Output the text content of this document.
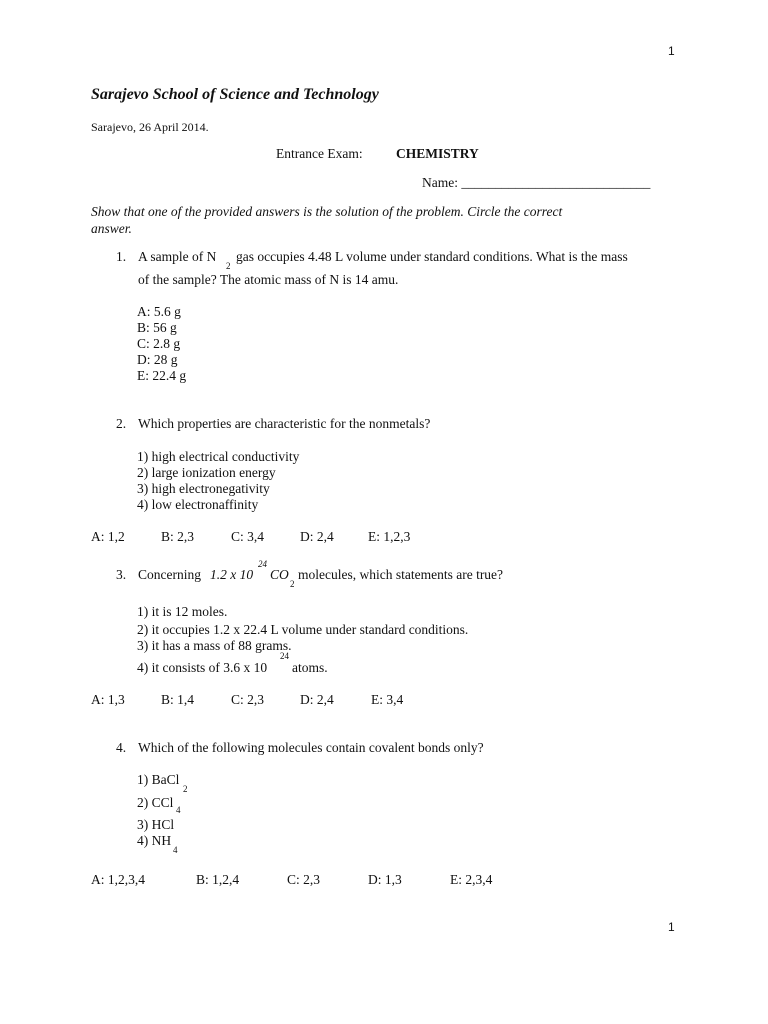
1
Sarajevo School of Science and Technology
Sarajevo, 26 April 2014.
Entrance Exam: CHEMISTRY
Name: ____________________________
Show that one of the provided answers is the solution of the problem. Circle the correct
answer.
1. A sample of N
2
gas occupies 4.48 L volume under standard conditions. What is the mass
of the sample? The atomic mass of N is 14 amu.
A: 5.6 g
B: 56 g
C: 2.8 g
D: 28 g
E: 22.4 g
2. Which properties are characteristic for the nonmetals?
1) high electrical conductivity
2) large ionization energy
3) high electronegativity
4) low electronaffinity
A: 1,2	B: 2,3	C: 3,4	D: 2,4	E: 1,2,3
3. Concerning 1.2 x 10
24
CO
2
molecules, which statements are true?
1) it is 12 moles.
2) it occupies 1.2 x 22.4 L volume under standard conditions.
3) it has a mass of 88 grams.
4) it consists of 3.6 x 10
24
atoms.
A: 1,3	B: 1,4	C: 2,3	D: 2,4	E: 3,4
4. Which of the following molecules contain covalent bonds only?
1) BaCl
2
2) CCl 4
3) HCl
4) NH
4
A: 1,2,3,4	B: 1,2,4	C: 2,3	D: 1,3	E: 2,3,4
1
